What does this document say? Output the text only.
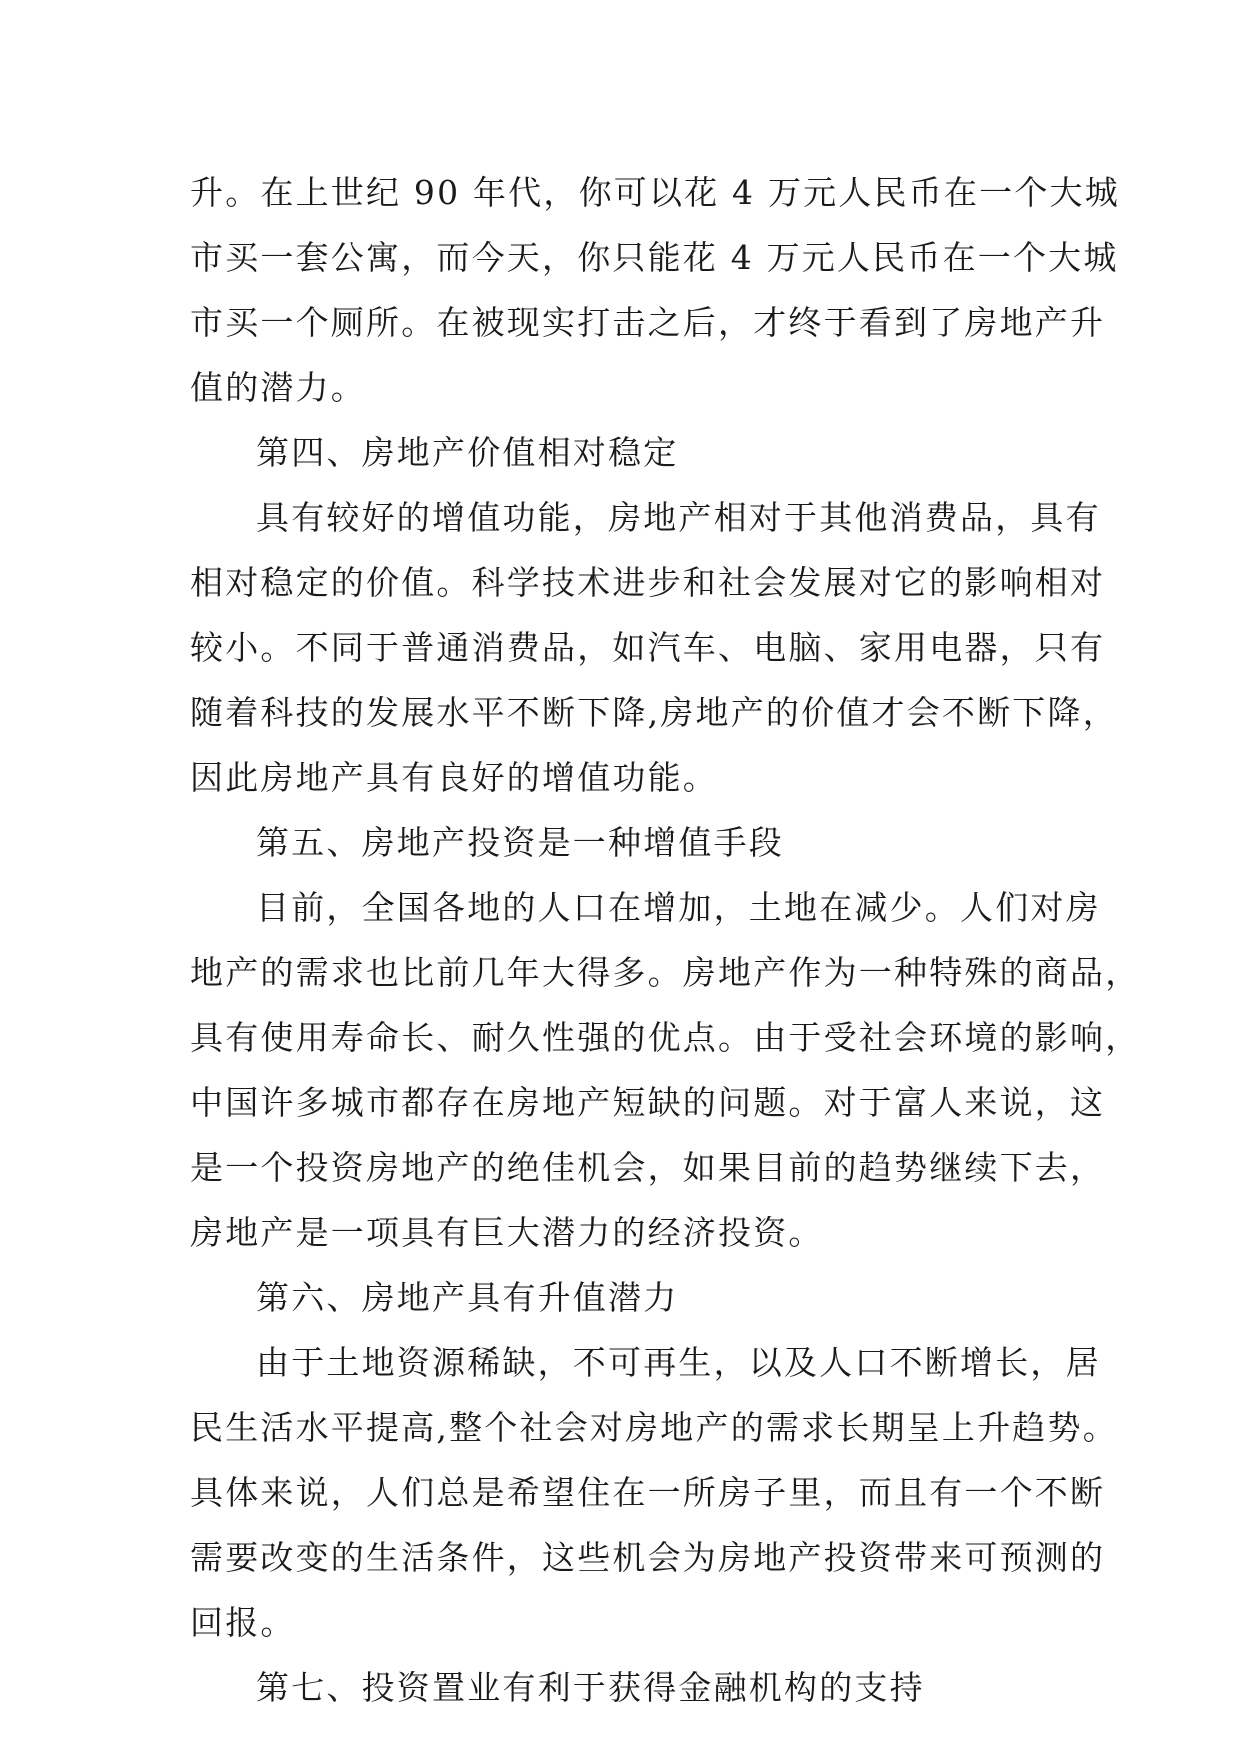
升。在上世纪 90 年代，你可以花 4 万元人民币在一个大城
市买一套公寓，而今天，你只能花 4 万元人民币在一个大城
市买一个厕所。在被现实打击之后，才终于看到了房地产升
值的潜力。
第四、房地产价值相对稳定
具有较好的增值功能，房地产相对于其他消费品，具有
相对稳定的价值。科学技术进步和社会发展对它的影响相对
较小。不同于普通消费品，如汽车、电脑、家用电器，只有
随着科技的发展水平不断下降,房地产的价值才会不断下降，
因此房地产具有良好的增值功能。
第五、房地产投资是一种增值手段
目前，全国各地的人口在增加，土地在减少。人们对房
地产的需求也比前几年大得多。房地产作为一种特殊的商品，
具有使用寿命长、耐久性强的优点。由于受社会环境的影响，
中国许多城市都存在房地产短缺的问题。对于富人来说，这
是一个投资房地产的绝佳机会，如果目前的趋势继续下去，
房地产是一项具有巨大潜力的经济投资。
第六、房地产具有升值潜力
由于土地资源稀缺，不可再生，以及人口不断增长，居
民生活水平提高,整个社会对房地产的需求长期呈上升趋势。
具体来说，人们总是希望住在一所房子里，而且有一个不断
需要改变的生活条件，这些机会为房地产投资带来可预测的
回报。
第七、投资置业有利于获得金融机构的支持
